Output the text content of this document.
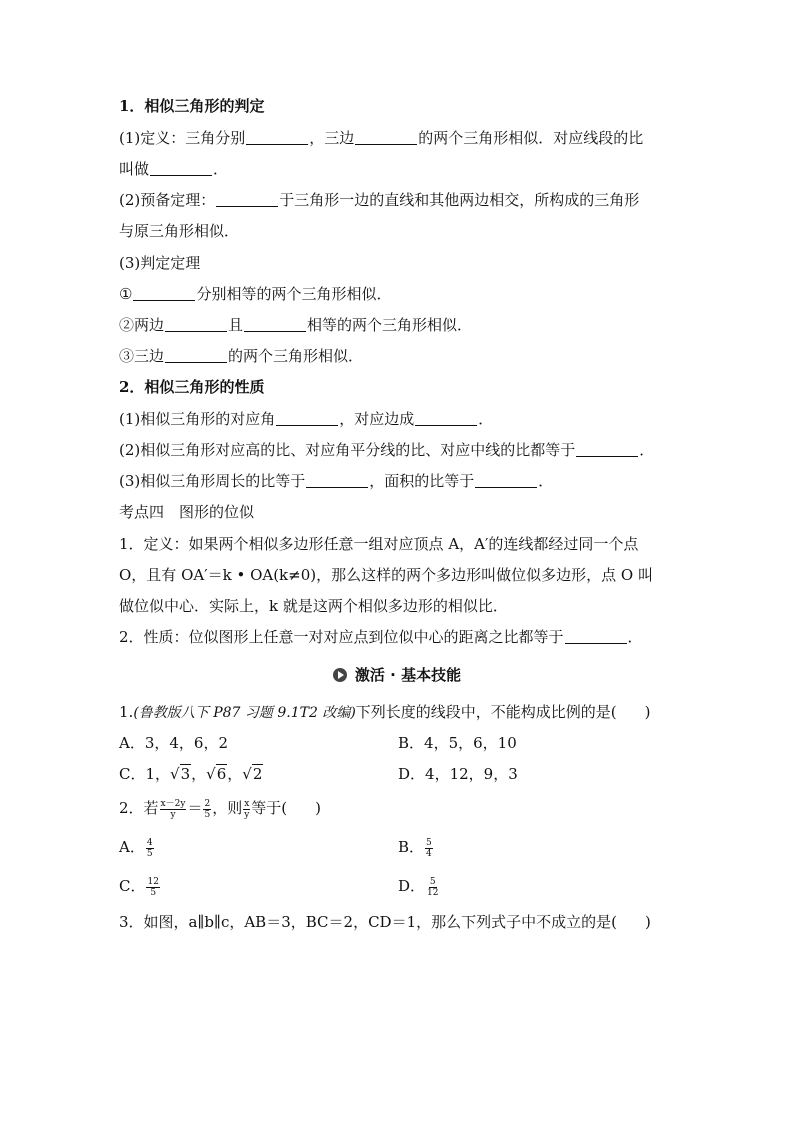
1．相似三角形的判定
(1)定义：三角分别	，三边	的两个三角形相似．对应线段的比
叫做	．
(2)预备定理：	于三角形一边的直线和其他两边相交，所构成的三角形
与原三角形相似．
(3)判定定理
①	分别相等的两个三角形相似．
②两边	且	相等的两个三角形相似．
③三边	的两个三角形相似．
2．相似三角形的性质
(1)相似三角形的对应角	，对应边成	．
(2)相似三角形对应高的比、对应角平分线的比、对应中线的比都等于	．
(3)相似三角形周长的比等于	，面积的比等于	．
考点四　图形的位似
1．定义：如果两个相似多边形任意一组对应顶点 A，A′的连线都经过同一个点
O，且有 OA′＝k • OA(k≠0)，那么这样的两个多边形叫做位似多边形，点 O 叫
做位似中心．实际上，k 就是这两个相似多边形的相似比．
2．性质：位似图形上任意一对对应点到位似中心的距离之比都等于	．
激活 · 基本技能
1.(鲁教版八下 P87 习题 9.1T2 改编)下列长度的线段中，不能构成比例的是( )
A．3，4，6，2	B．4，5，6，10
C．1，√3，√6，√2	D．4，12，9，3
2．若 $\frac{x-2y}{y} = \frac{2}{5}$ ，则 $\frac{x}{y}$ 等于( )
A． $\frac{4}{5}$	B． $\frac{5}{4}$
C． $\frac{12}{5}$	D． $\frac{5}{12}$
3．如图，a∥b∥c，AB＝3，BC＝2，CD＝1，那么下列式子中不成立的是( )
